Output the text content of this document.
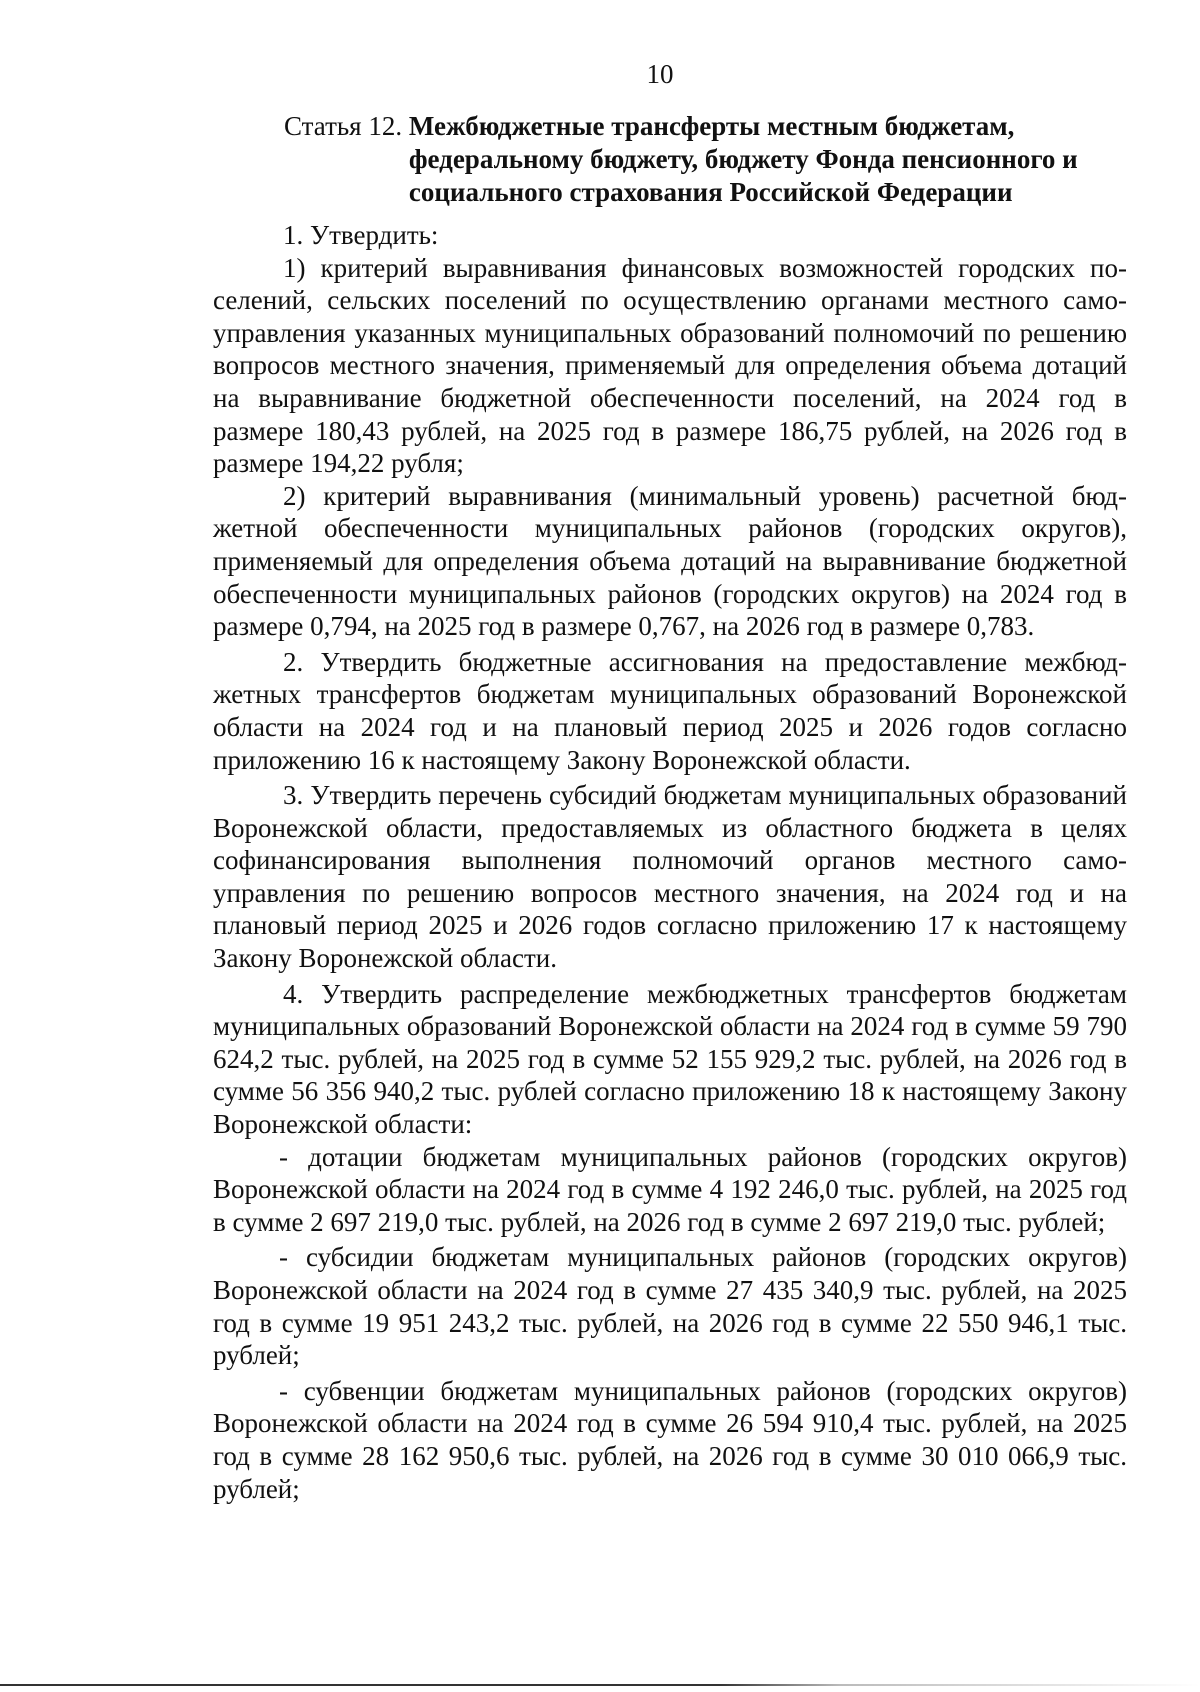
10
Статья 12. Межбюджетные трансферты местным бюджетам,
федеральному бюджету, бюджету Фонда пенсионного и
социального страхования Российской Федерации

1. Утвердить:

1) критерий выравнивания финансовых возможностей городских поселений, сельских поселений по осуществлению органами местного самоуправления указанных муниципальных образований полномочий по решению вопросов местного значения, применяемый для определения объема дотаций на выравнивание бюджетной обеспеченности поселений, на 2024 год в размере 180,43 рублей, на 2025 год в размере 186,75 рублей, на 2026 год в размере 194,22 рубля;

2) критерий выравнивания (минимальный уровень) расчетной бюджетной обеспеченности муниципальных районов (городских округов), применяемый для определения объема дотаций на выравнивание бюджетной обеспеченности муниципальных районов (городских округов) на 2024 год в размере 0,794, на 2025 год в размере 0,767, на 2026 год в размере 0,783.

2. Утвердить бюджетные ассигнования на предоставление межбюджетных трансфертов бюджетам муниципальных образований Воронежской области на 2024 год и на плановый период 2025 и 2026 годов согласно приложению 16 к настоящему Закону Воронежской области.

3. Утвердить перечень субсидий бюджетам муниципальных образований Воронежской области, предоставляемых из областного бюджета в целях софинансирования выполнения полномочий органов местного самоуправления по решению вопросов местного значения, на 2024 год и на плановый период 2025 и 2026 годов согласно приложению 17 к настоящему Закону Воронежской области.

4. Утвердить распределение межбюджетных трансфертов бюджетам муниципальных образований Воронежской области на 2024 год в сумме 59 790 624,2 тыс. рублей, на 2025 год в сумме 52 155 929,2 тыс. рублей, на 2026 год в сумме 56 356 940,2 тыс. рублей согласно приложению 18 к настоящему Закону Воронежской области:

- дотации бюджетам муниципальных районов (городских округов) Воронежской области на 2024 год в сумме 4 192 246,0 тыс. рублей, на 2025 год в сумме 2 697 219,0 тыс. рублей, на 2026 год в сумме 2 697 219,0 тыс. рублей;

- субсидии бюджетам муниципальных районов (городских округов) Воронежской области на 2024 год в сумме 27 435 340,9 тыс. рублей, на 2025 год в сумме 19 951 243,2 тыс. рублей, на 2026 год в сумме 22 550 946,1 тыс. рублей;

- субвенции бюджетам муниципальных районов (городских округов) Воронежской области на 2024 год в сумме 26 594 910,4 тыс. рублей, на 2025 год в сумме 28 162 950,6 тыс. рублей, на 2026 год в сумме 30 010 066,9 тыс. рублей;
